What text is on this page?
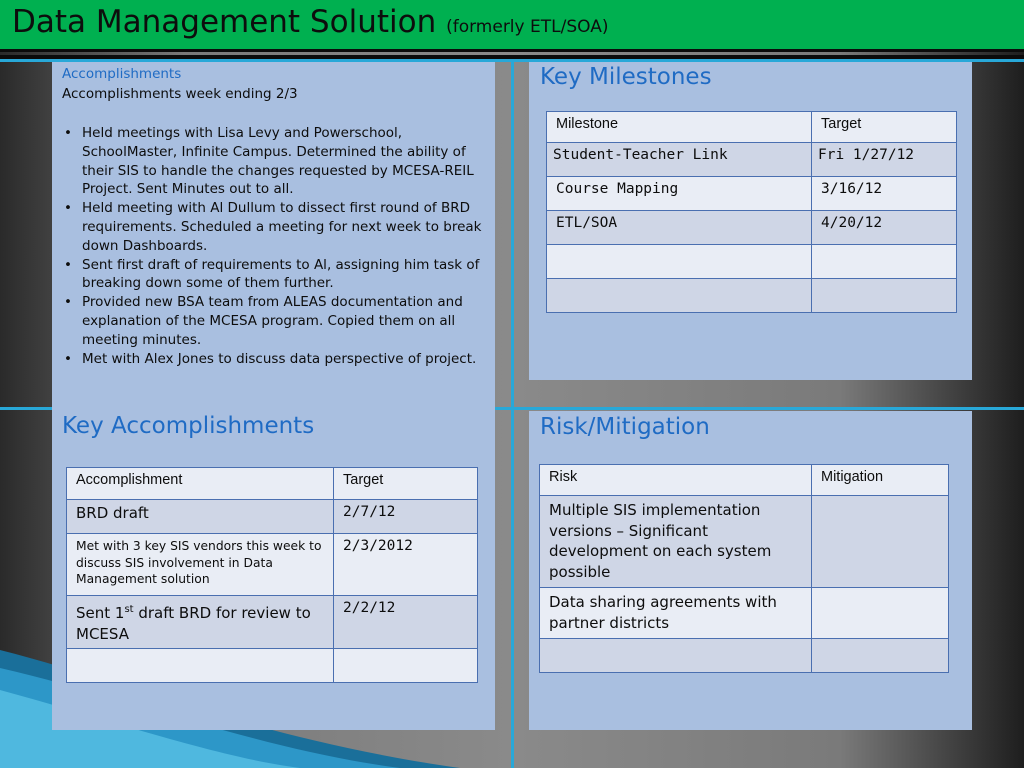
Data Management Solution (formerly ETL/SOA)
Accomplishments
Accomplishments week ending 2/3
• Held meetings with Lisa Levy and Powerschool, SchoolMaster, Infinite Campus. Determined the ability of their SIS to handle the changes requested by MCESA-REIL Project. Sent Minutes out to all.
• Held meeting with Al Dullum to dissect first round of BRD requirements. Scheduled a meeting for next week to break down Dashboards.
• Sent first draft of requirements to Al, assigning him task of breaking down some of them further.
• Provided new BSA team from ALEAS documentation and explanation of the MCESA program. Copied them on all meeting minutes.
• Met with Alex Jones to discuss data perspective of project.
Key Accomplishments
Accomplishment	Target
BRD draft	2/7/12
Met with 3 key SIS vendors this week to discuss SIS involvement in Data Management solution	2/3/2012
Sent 1st draft BRD for review to MCESA	2/2/12

Key Milestones
Milestone	Target
Student-Teacher Link	Fri 1/27/12
Course Mapping	3/16/12
ETL/SOA	4/20/12

Risk/Mitigation
Risk	Mitigation
Multiple SIS implementation versions – Significant development on each system possible	
Data sharing agreements with partner districts	
